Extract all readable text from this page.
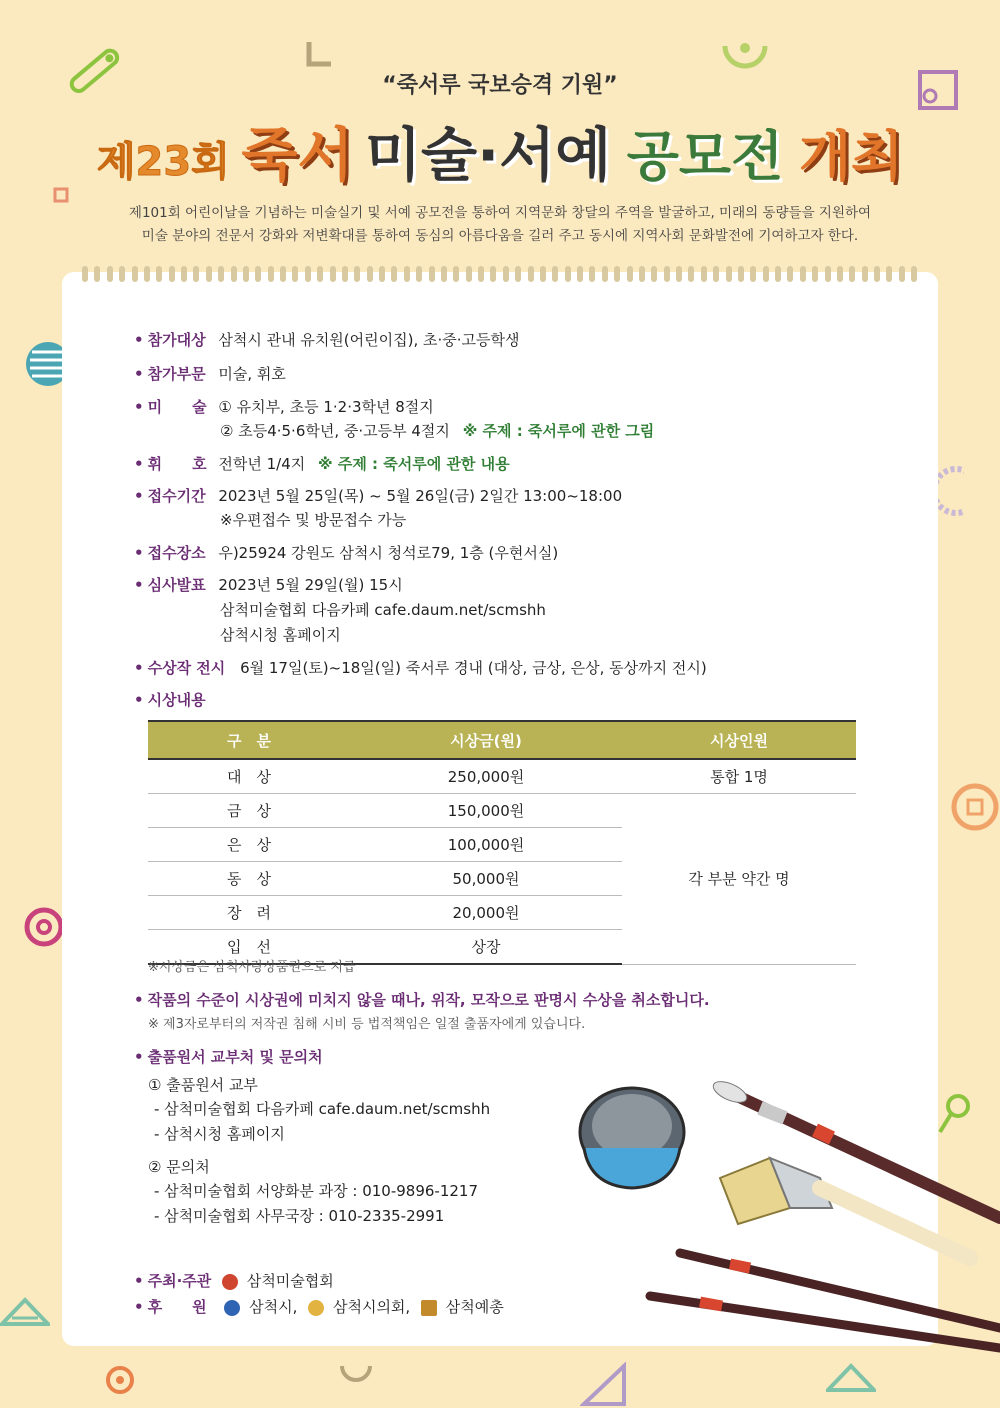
“죽서루 국보승격 기원”
제23회 죽서 미술·서예 공모전 개최
제101회 어린이날을 기념하는 미술실기 및 서예 공모전을 통하여 지역문화 창달의 주역을 발굴하고, 미래의 동량들을 지원하여
미술 분야의 전문서 강화와 저변확대를 통하여 동심의 아름다움을 길러 주고 동시에 지역사회 문화발전에 기여하고자 한다.
• 참가대상 삼척시 관내 유치원(어린이집), 초·중·고등학생
• 참가부문 미술, 휘호
• 미　　술 ① 유치부, 초등 1·2·3학년 8절지
② 초등4·5·6학년, 중·고등부 4절지 ※ 주제 : 죽서루에 관한 그림
• 휘　　호 전학년 1/4지 ※ 주제 : 죽서루에 관한 내용
• 접수기간 2023년 5월 25일(목) ~ 5월 26일(금) 2일간 13:00~18:00
※우편접수 및 방문접수 가능
• 접수장소 우)25924 강원도 삼척시 청석로79, 1층 (우현서실)
• 심사발표 2023년 5월 29일(월) 15시
삼척미술협회 다음카페 cafe.daum.net/scmshh
삼척시청 홈페이지
• 수상작 전시 6월 17일(토)~18일(일) 죽서루 경내 (대상, 금상, 은상, 동상까지 전시)
• 시상내용
구　분	시상금(원)	시상인원
대　상	250,000원	통합 1명
금　상	150,000원	각 부분 약간 명
은　상	100,000원	
동　상	50,000원	
장　려	20,000원	
입　선	상장	
※시상금은 삼척사랑상품권으로 지급
• 작품의 수준이 시상권에 미치지 않을 때나, 위작, 모작으로 판명시 수상을 취소합니다.
※ 제3자로부터의 저작권 침해 시비 등 법적책임은 일절 출품자에게 있습니다.
• 출품원서 교부처 및 문의처
① 출품원서 교부
- 삼척미술협회 다음카페 cafe.daum.net/scmshh
- 삼척시청 홈페이지
② 문의처
- 삼척미술협회 서양화분 과장 : 010-9896-1217
- 삼척미술협회 사무국장 : 010-2335-2991
• 주최·주관 삼척미술협회
• 후　　원	삼척시, 삼척시의회, 삼척예총
